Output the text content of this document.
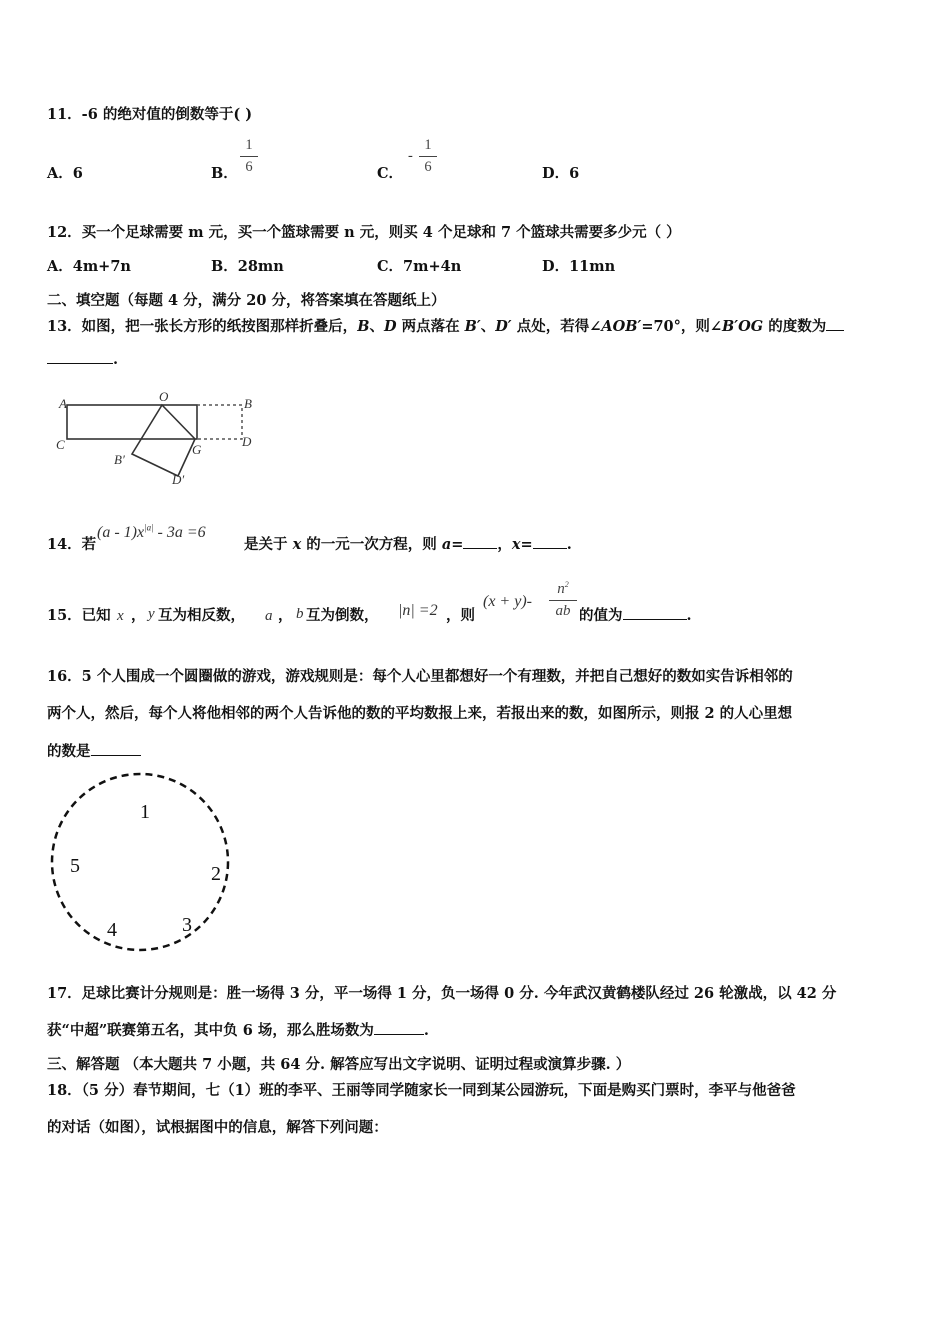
11．-6 的绝对值的倒数等于( )
A．6	B．
1
6	C．
-
1
6	D．6
12．买一个足球需要 m 元，买一个篮球需要 n 元，则买 4 个足球和 7 个篮球共需要多少元（ ）
A．4m+7n	B．28mn	C．7m+4n	D．11mn
二、填空题（每题 4 分，满分 20 分，将答案填在答题纸上）
13．如图，把一张长方形的纸按图那样折叠后，B、D 两点落在 B′、D′ 点处，若得∠AOB′=70°，则∠B′OG 的度数为
.
A	O	B
C	D
B′
G
D′
14．若
$(a - 1)x^{|a|} - 3a =6$
是关于 x 的一元一次方程，则 a= ，x= .
15．已知 x ， y 互为相反数， a ， b 互为倒数， |n| =2 ，则
(x + y)-
$n^2$
ab 的值为	.
16．5 个人围成一个圆圈做的游戏，游戏规则是：每个人心里都想好一个有理数，并把自己想好的数如实告诉相邻的
两个人，然后，每个人将他相邻的两个人告诉他的数的平均数报上来，若报出来的数，如图所示，则报 2 的人心里想
的数是
1
2
3
4
5
17．足球比赛计分规则是：胜一场得 3 分，平一场得 1 分，负一场得 0 分. 今年武汉黄鹤楼队经过 26 轮激战，以 42 分
获“中超”联赛第五名，其中负 6 场，那么胜场数为	.
三、解答题 （本大题共 7 小题，共 64 分. 解答应写出文字说明、证明过程或演算步骤. ）
18．（5 分）春节期间，七（1）班的李平、王丽等同学随家长一同到某公园游玩，下面是购买门票时，李平与他爸爸
的对话（如图），试根据图中的信息，解答下列问题：
